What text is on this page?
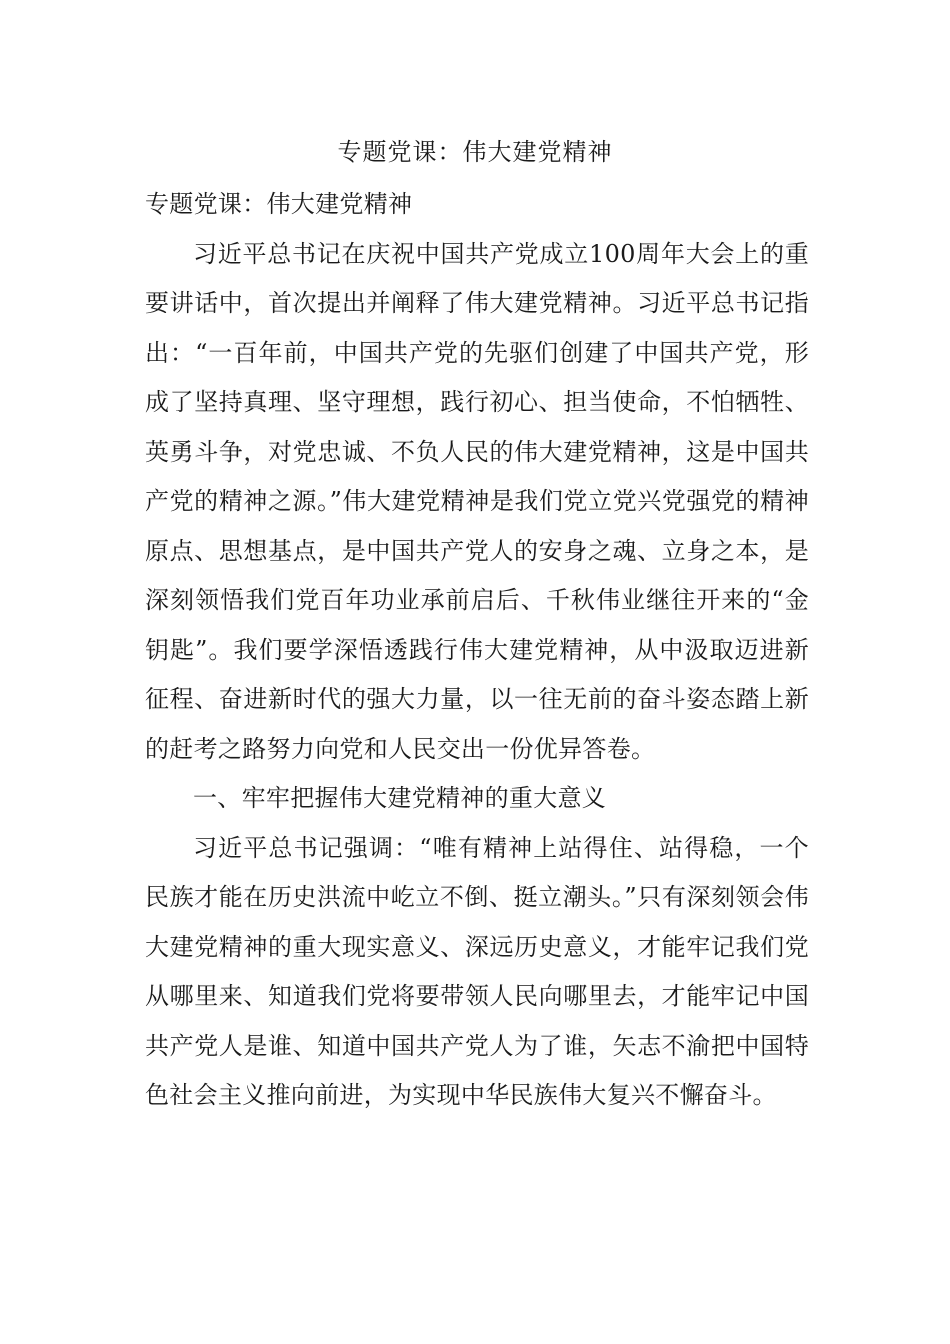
专题党课：伟大建党精神

专题党课：伟大建党精神

习近平总书记在庆祝中国共产党成立100周年大会上的重要讲话中，首次提出并阐释了伟大建党精神。习近平总书记指出：“一百年前，中国共产党的先驱们创建了中国共产党，形成了坚持真理、坚守理想，践行初心、担当使命，不怕牺牲、英勇斗争，对党忠诚、不负人民的伟大建党精神，这是中国共产党的精神之源。”伟大建党精神是我们党立党兴党强党的精神原点、思想基点，是中国共产党人的安身之魂、立身之本，是深刻领悟我们党百年功业承前启后、千秋伟业继往开来的“金钥匙”。我们要学深悟透践行伟大建党精神，从中汲取迈进新征程、奋进新时代的强大力量，以一往无前的奋斗姿态踏上新的赶考之路努力向党和人民交出一份优异答卷。

一、牢牢把握伟大建党精神的重大意义

习近平总书记强调：“唯有精神上站得住、站得稳，一个民族才能在历史洪流中屹立不倒、挺立潮头。”只有深刻领会伟大建党精神的重大现实意义、深远历史意义，才能牢记我们党从哪里来、知道我们党将要带领人民向哪里去，才能牢记中国共产党人是谁、知道中国共产党人为了谁，矢志不渝把中国特色社会主义推向前进，为实现中华民族伟大复兴不懈奋斗。
